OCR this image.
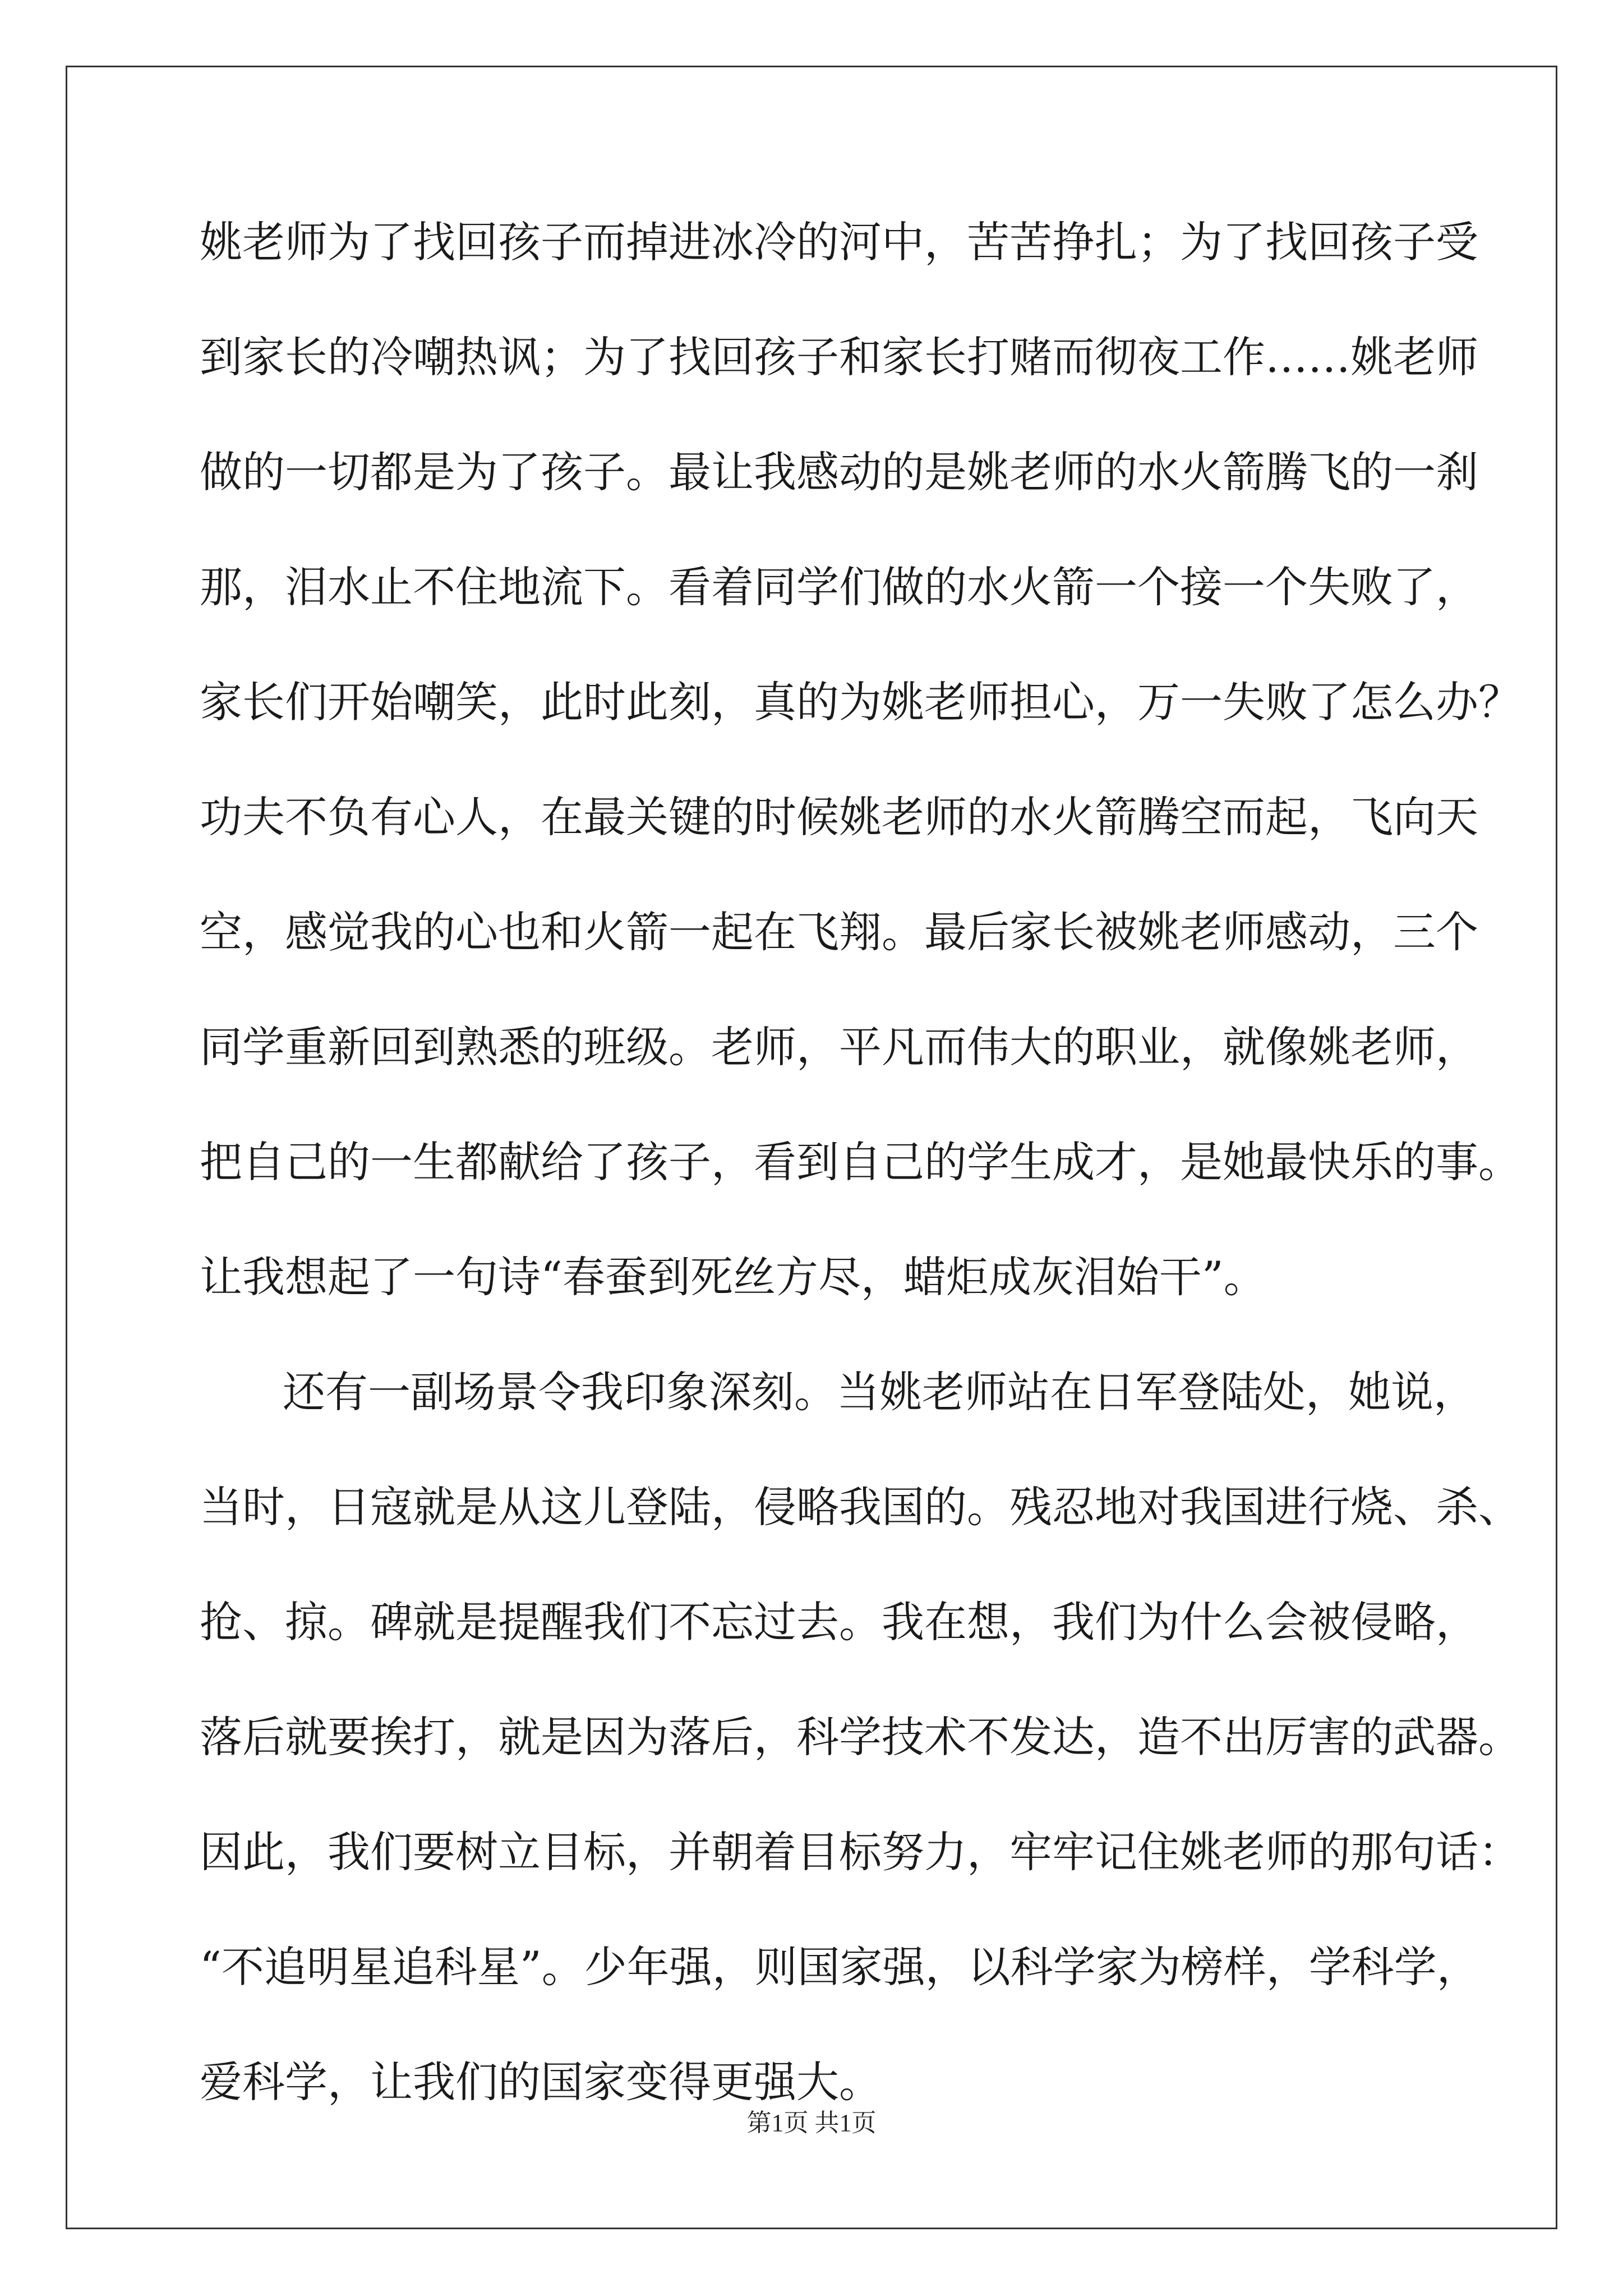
姚老师为了找回孩子而掉进冰冷的河中，苦苦挣扎；为了找回孩子受
到家长的冷嘲热讽；为了找回孩子和家长打赌而彻夜工作……姚老师
做的一切都是为了孩子。最让我感动的是姚老师的水火箭腾飞的一刹
那，泪水止不住地流下。看着同学们做的水火箭一个接一个失败了，
家长们开始嘲笑，此时此刻，真的为姚老师担心，万一失败了怎么办？
功夫不负有心人，在最关键的时候姚老师的水火箭腾空而起，飞向天
空，感觉我的心也和火箭一起在飞翔。最后家长被姚老师感动，三个
同学重新回到熟悉的班级。老师，平凡而伟大的职业，就像姚老师，
把自己的一生都献给了孩子，看到自己的学生成才，是她最快乐的事。
让我想起了一句诗“春蚕到死丝方尽，蜡炬成灰泪始干”。
还有一副场景令我印象深刻。当姚老师站在日军登陆处，她说，
当时，日寇就是从这儿登陆，侵略我国的。残忍地对我国进行烧、杀、
抢、掠。碑就是提醒我们不忘过去。我在想，我们为什么会被侵略，
落后就要挨打，就是因为落后，科学技术不发达，造不出厉害的武器。
因此，我们要树立目标，并朝着目标努力，牢牢记住姚老师的那句话：
“不追明星追科星”。少年强，则国家强，以科学家为榜样，学科学，
爱科学，让我们的国家变得更强大。
第1页 共1页
